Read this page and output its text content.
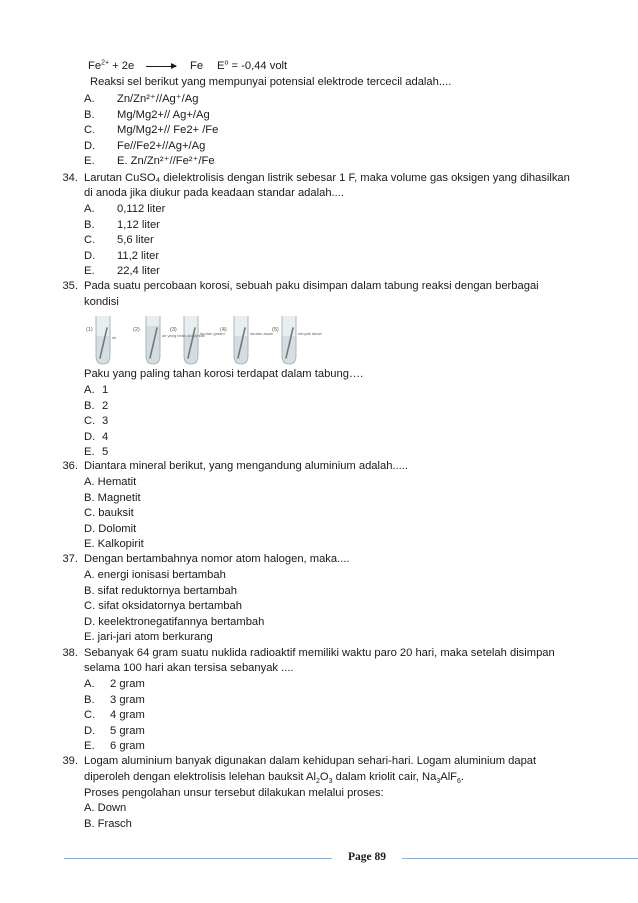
$Fe^{2+} + 2e \to Fe$ $E^o = -0,44$ volt
Reaksi sel berikut yang mempunyai potensial elektrode tercecil adalah....
A. Zn/Zn²⁺//Ag⁺/Ag
B. Mg/Mg2+// Ag+/Ag
C. Mg/Mg2+// Fe2+ /Fe
D. Fe//Fe2+//Ag+/Ag
E. E. Zn/Zn²⁺//Fe²⁺/Fe
34. Larutan CuSO₄ dielektrolisis dengan listrik sebesar 1 F, maka volume gas oksigen yang dihasilkan
di anoda jika diukur pada keadaan standar adalah....
A. 0,112 liter
B. 1,12 liter
C. 5,6 liter
D. 11,2 liter
E. 22,4 liter
35. Pada suatu percobaan korosi, sebuah paku disimpan dalam tabung reaksi dengan berbagai
kondisi
(1)	(2)	(3)	(4)	(5)
air	air yang telah dididihkan
larutan garam	larutan asam	minyak tanah
Paku yang paling tahan korosi terdapat dalam tabung….
A. 1
B. 2
C. 3
D. 4
E. 5
36. Diantara mineral berikut, yang mengandung aluminium adalah.....
A. Hematit
B. Magnetit
C. bauksit
D. Dolomit
E. Kalkopirit
37. Dengan bertambahnya nomor atom halogen, maka....
A. energi ionisasi bertambah
B. sifat reduktornya bertambah
C. sifat oksidatornya bertambah
D. keelektronegatifannya bertambah
E. jari-jari atom berkurang
38. Sebanyak 64 gram suatu nuklida radioaktif memiliki waktu paro 20 hari, maka setelah disimpan
selama 100 hari akan tersisa sebanyak ....
A. 2 gram
B. 3 gram
C. 4 gram
D. 5 gram
E. 6 gram
39. Logam aluminium banyak digunakan dalam kehidupan sehari-hari. Logam aluminium dapat
diperoleh dengan elektrolisis lelehan bauksit $Al_2O_3$ dalam kriolit cair, $Na_3AlF_6$.
Proses pengolahan unsur tersebut dilakukan melalui proses:
A. Down
B. Frasch
Page 89
